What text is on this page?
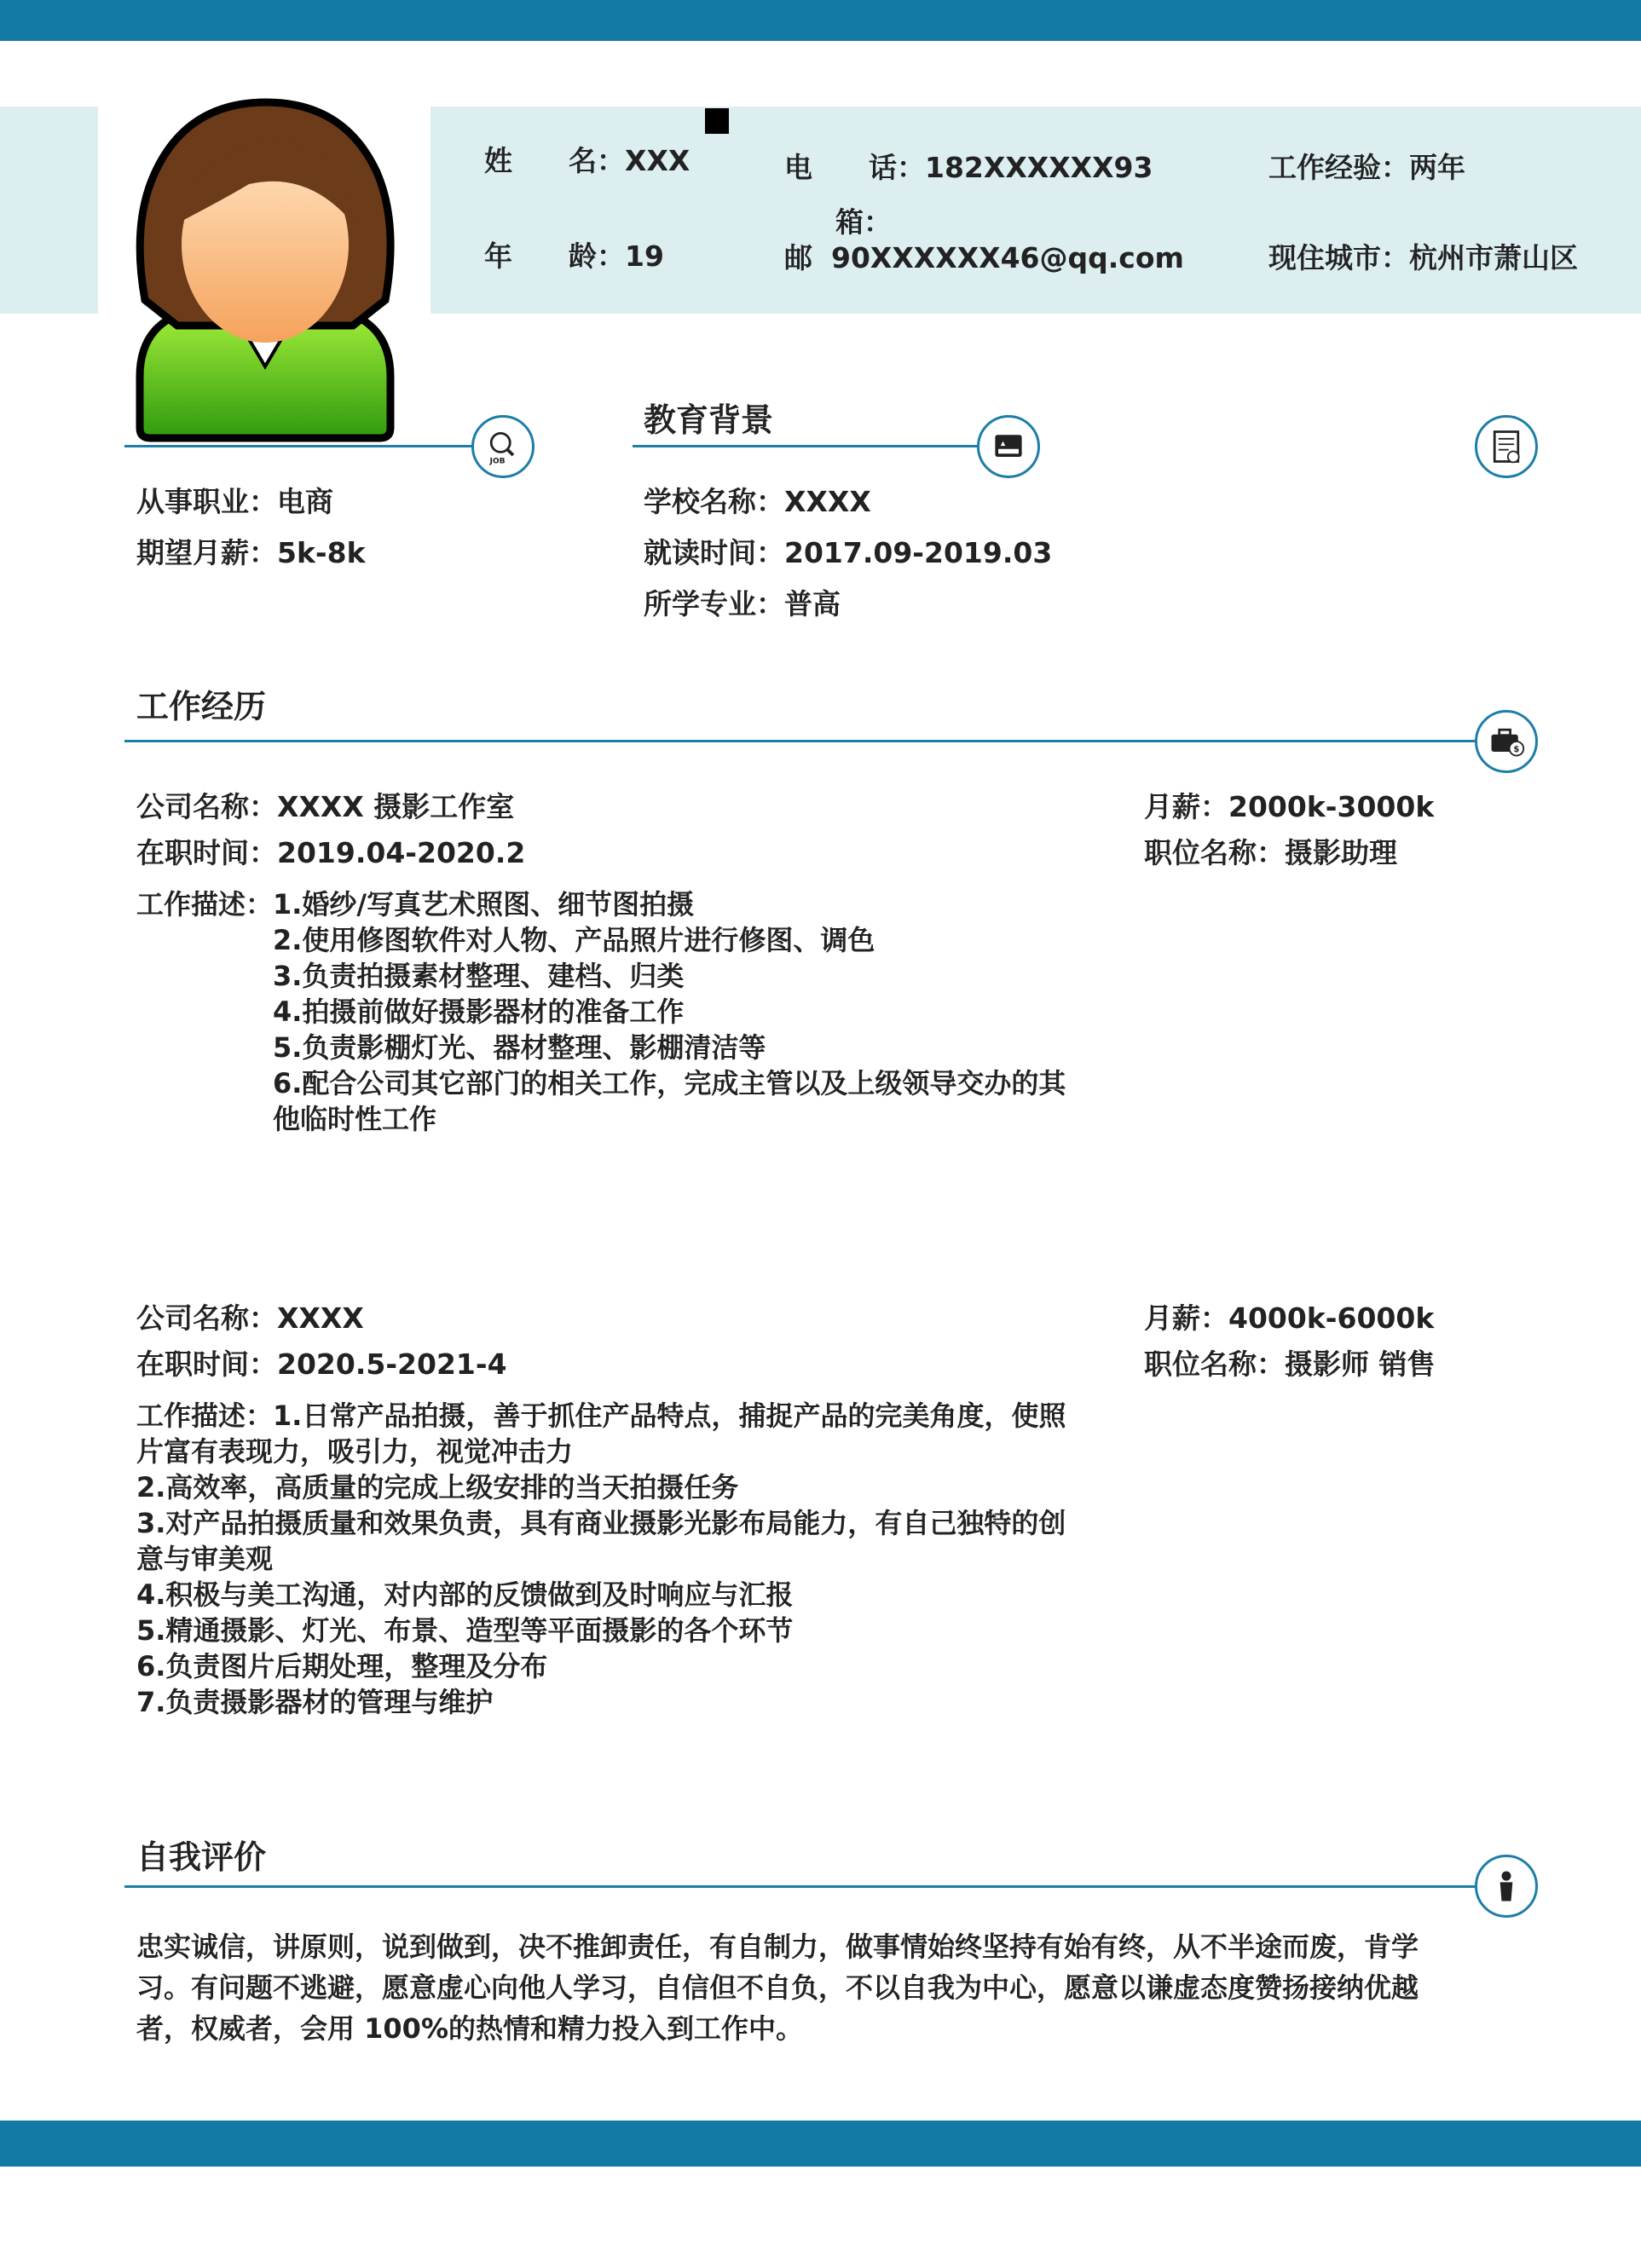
姓　　名：XXX
年　　龄：19
电　　话：182XXXXXX93
箱：
邮 90XXXXXX46@qq.com
工作经验：两年
现住城市：杭州市萧山区
JOB
从事职业：电商
期望月薪：5k-8k
教育背景
学校名称：XXXX
就读时间：2017.09-2019.03
所学专业：普高
工作经历
$
公司名称：XXXX 摄影工作室
在职时间：2019.04-2020.2
月薪：2000k-3000k
职位名称：摄影助理
工作描述： 1.婚纱/写真艺术照图、细节图拍摄
2.使用修图软件对人物、产品照片进行修图、调色
3.负责拍摄素材整理、建档、归类
4.拍摄前做好摄影器材的准备工作
5.负责影棚灯光、器材整理、影棚清洁等
6.配合公司其它部门的相关工作，完成主管以及上级领导交办的其
他临时性工作
公司名称：XXXX
在职时间：2020.5-2021-4
月薪：4000k-6000k
职位名称：摄影师 销售
工作描述：1.日常产品拍摄，善于抓住产品特点，捕捉产品的完美角度，使照
片富有表现力，吸引力，视觉冲击力
2.高效率，高质量的完成上级安排的当天拍摄任务
3.对产品拍摄质量和效果负责，具有商业摄影光影布局能力，有自己独特的创
意与审美观
4.积极与美工沟通，对内部的反馈做到及时响应与汇报
5.精通摄影、灯光、布景、造型等平面摄影的各个环节
6.负责图片后期处理，整理及分布
7.负责摄影器材的管理与维护
自我评价
忠实诚信，讲原则，说到做到，决不推卸责任，有自制力，做事情始终坚持有始有终，从不半途而废，肯学
习。有问题不逃避，愿意虚心向他人学习，自信但不自负，不以自我为中心，愿意以谦虚态度赞扬接纳优越
者，权威者，会用 100%的热情和精力投入到工作中。
